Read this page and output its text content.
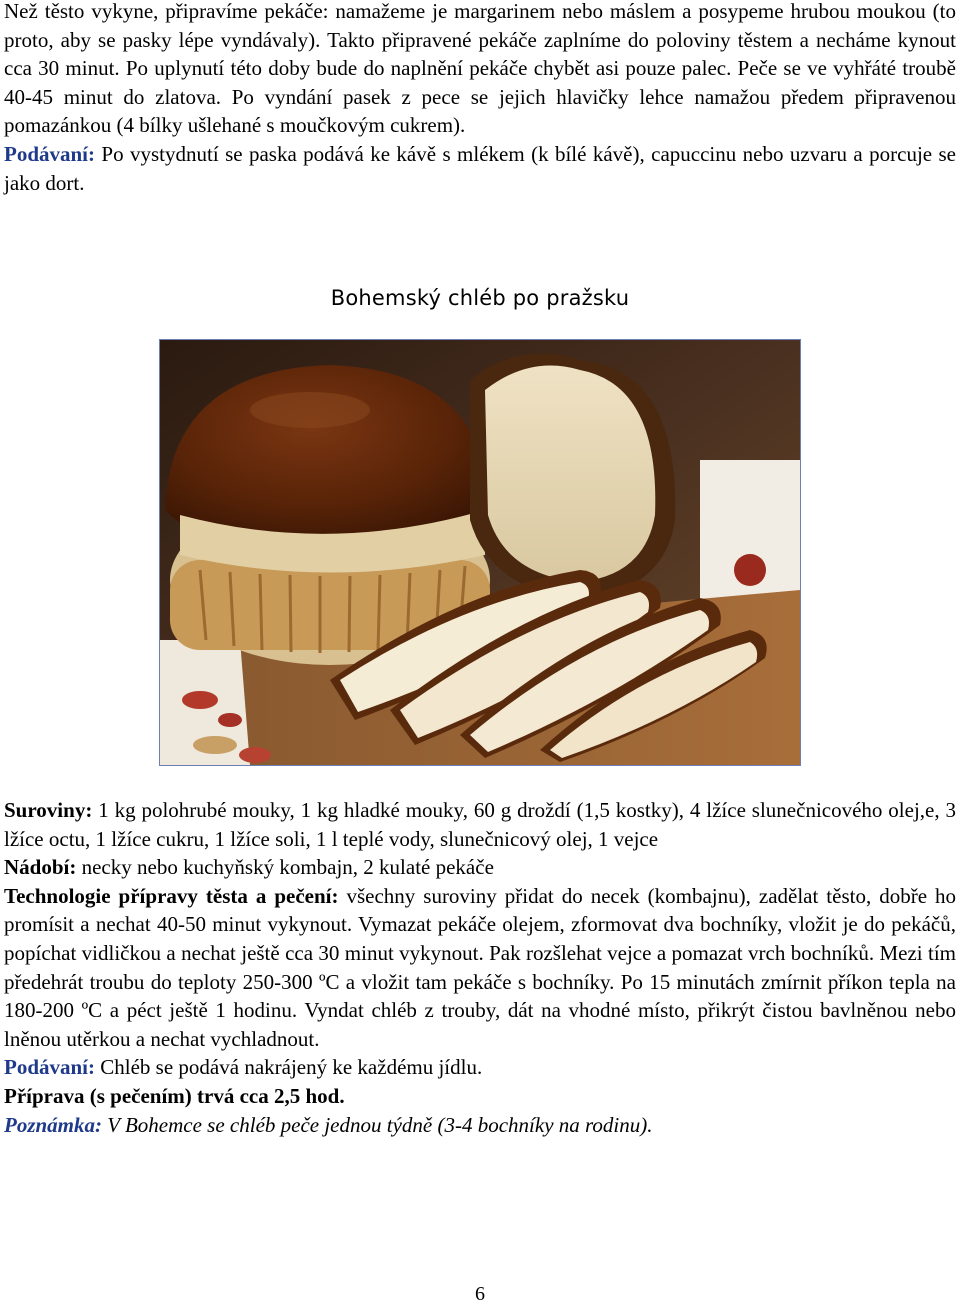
Než těsto vykyne, připravíme pekáče: namažeme je margarinem nebo máslem a posypeme hrubou moukou (to proto, aby se pasky lépe vyndávaly). Takto připravené pekáče zaplníme do poloviny těstem a necháme kynout cca 30 minut. Po uplynutí této doby bude do naplnění pekáče chybět asi pouze palec. Peče se ve vyhřáté troubě 40-45 minut do zlatova. Po vyndání pasek z pece se jejich hlavičky lehce namažou předem připravenou pomazánkou (4 bílky ušlehané s moučkovým cukrem).
Podávaní: Po vystydnutí se paska podává ke kávě s mlékem (k bílé kávě), capuccinu nebo uzvaru a porcuje se jako dort.

Bohemský chléb po pražsku

Suroviny: 1 kg polohrubé mouky, 1 kg hladké mouky, 60 g droždí (1,5 kostky), 4 lžíce slunečnicového olej,e, 3 lžíce octu, 1 lžíce cukru, 1 lžíce soli, 1 l teplé vody, slunečnicový olej, 1 vejce
Nádobí: necky nebo kuchyňský kombajn, 2 kulaté pekáče
Technologie přípravy těsta a pečení: všechny suroviny přidat do necek (kombajnu), zadělat těsto, dobře ho promísit a nechat 40-50 minut vykynout. Vymazat pekáče olejem, zformovat dva bochníky, vložit je do pekáčů, popíchat vidličkou a nechat ještě cca 30 minut vykynout. Pak rozšlehat vejce a pomazat vrch bochníků. Mezi tím předehrát troubu do teploty 250-300 ºC a vložit tam pekáče s bochníky. Po 15 minutách zmírnit příkon tepla na 180-200 ºC a péct ještě 1 hodinu. Vyndat chléb z trouby, dát na vhodné místo, přikrýt čistou bavlněnou nebo lněnou utěrkou a nechat vychladnout.
Podávaní: Chléb se podává nakrájený ke každému jídlu.
Příprava (s pečením) trvá cca 2,5 hod.
Poznámka: V Bohemce se chléb peče jednou týdně (3-4 bochníky na rodinu).

6
